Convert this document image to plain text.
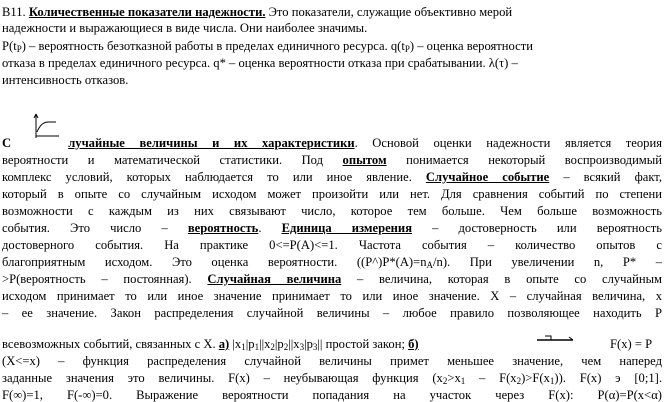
B11. Количественные показатели надежности. Это показатели, служащие объективно мерой
надежности и выражающиеся в виде числа. Они наиболее значимы.
$P(t_P)$ – вероятность безотказной работы в пределах единичного ресурса. $q(t_P)$ – оценка вероятности
отказа в пределах единичного ресурса. q* – оценка вероятности отказа при срабатывании. λ(τ) –
интенсивность отказов.
С	лучайные величины и их характеристики. Основой оценки надежности является теория
вероятности и математической статистики. Под опытом понимается некоторый воспроизводимый
комплекс условий, которых наблюдается то или иное явление. Случайное событие – всякий факт,
который в опыте со случайным исходом может произойти или нет. Для сравнения событий по степени
возможности с каждым из них связывают число, которое тем больше. Чем больше возможность
события. Это число – вероятность. Единица измерения – достоверность или вероятность
достоверного события. На практике 0<=P(A)<=1. Частота события – количество опытов с
благоприятным исходом. Это оценка вероятности. $((P\^{})P*(A)=n_A/n)$. При увеличении n, P* –
>P(вероятность – постоянная). Случайная величина – величина, которая в опыте со случайным
исходом принимает то или иное значение принимает то или иное значение. Х – случайная величина, x
– ее значение. Закон распределения случайной величины – любое правило позволяющее находить P
всевозможных событий, связанных с Х. а) $|x_1|p_1||x_2|p_2||x_3|p_3||$ простой закон; б)	F(x) = P
(X<=x) – функция распределения случайной величины примет меньшее значение, чем наперед
заданные значения это величины. F(x) – неубывающая функция $(x_2>x_1 - F(x_2)>F(x_1))$. F(x) э [0;1].
F(∞)=1, F(-∞)=0. Выражение вероятности попадания на участок через F(x): P(α)=P(x<α)
